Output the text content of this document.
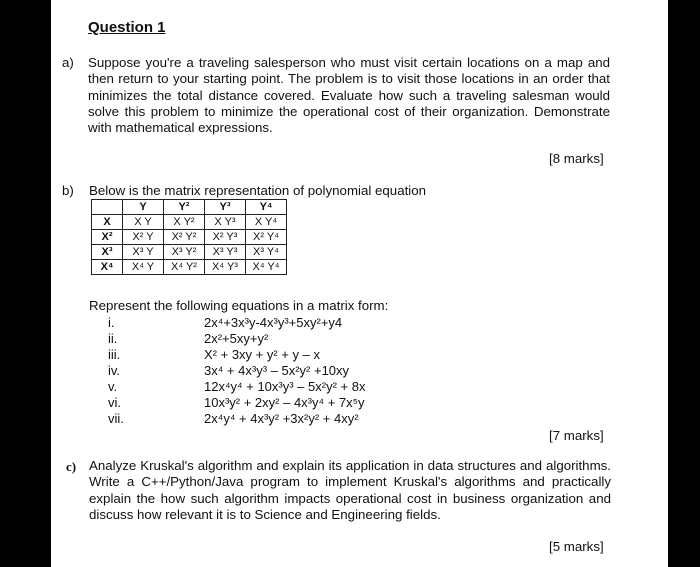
Question 1
a) Suppose you're a traveling salesperson who must visit certain locations on a map and then return to your starting point. The problem is to visit those locations in an order that minimizes the total distance covered. Evaluate how such a traveling salesman would solve this problem to minimize the operational cost of their organization. Demonstrate with mathematical expressions.
[8 marks]
b) Below is the matrix representation of polynomial equation
	Y	Y²	Y³	Y⁴
X	X Y	X Y²	X Y³	X Y⁴
X²	X² Y	X² Y²	X² Y³	X² Y⁴
X³	X³ Y	X³ Y²	X³ Y³	X³ Y⁴
X⁴	X⁴ Y	X⁴ Y²	X⁴ Y³	X⁴ Y⁴
Represent the following equations in a matrix form:
i.	2x⁴+3x³y-4x³y³+5xy²+y4
ii.	2x²+5xy+y²
iii.	X² + 3xy + y² + y – x
iv.	3x⁴ + 4x³y³ – 5x²y² +10xy
v.	12x⁴y⁴ + 10x³y³ – 5x²y² + 8x
vi.	10x³y² + 2xy² – 4x³y⁴ + 7x⁵y
vii.	2x⁴y⁴ + 4x³y² +3x²y² + 4xy²
[7 marks]
c) Analyze Kruskal's algorithm and explain its application in data structures and algorithms. Write a C++/Python/Java program to implement Kruskal's algorithms and practically explain the how such algorithm impacts operational cost in business organization and discuss how relevant it is to Science and Engineering fields.
[5 marks]
